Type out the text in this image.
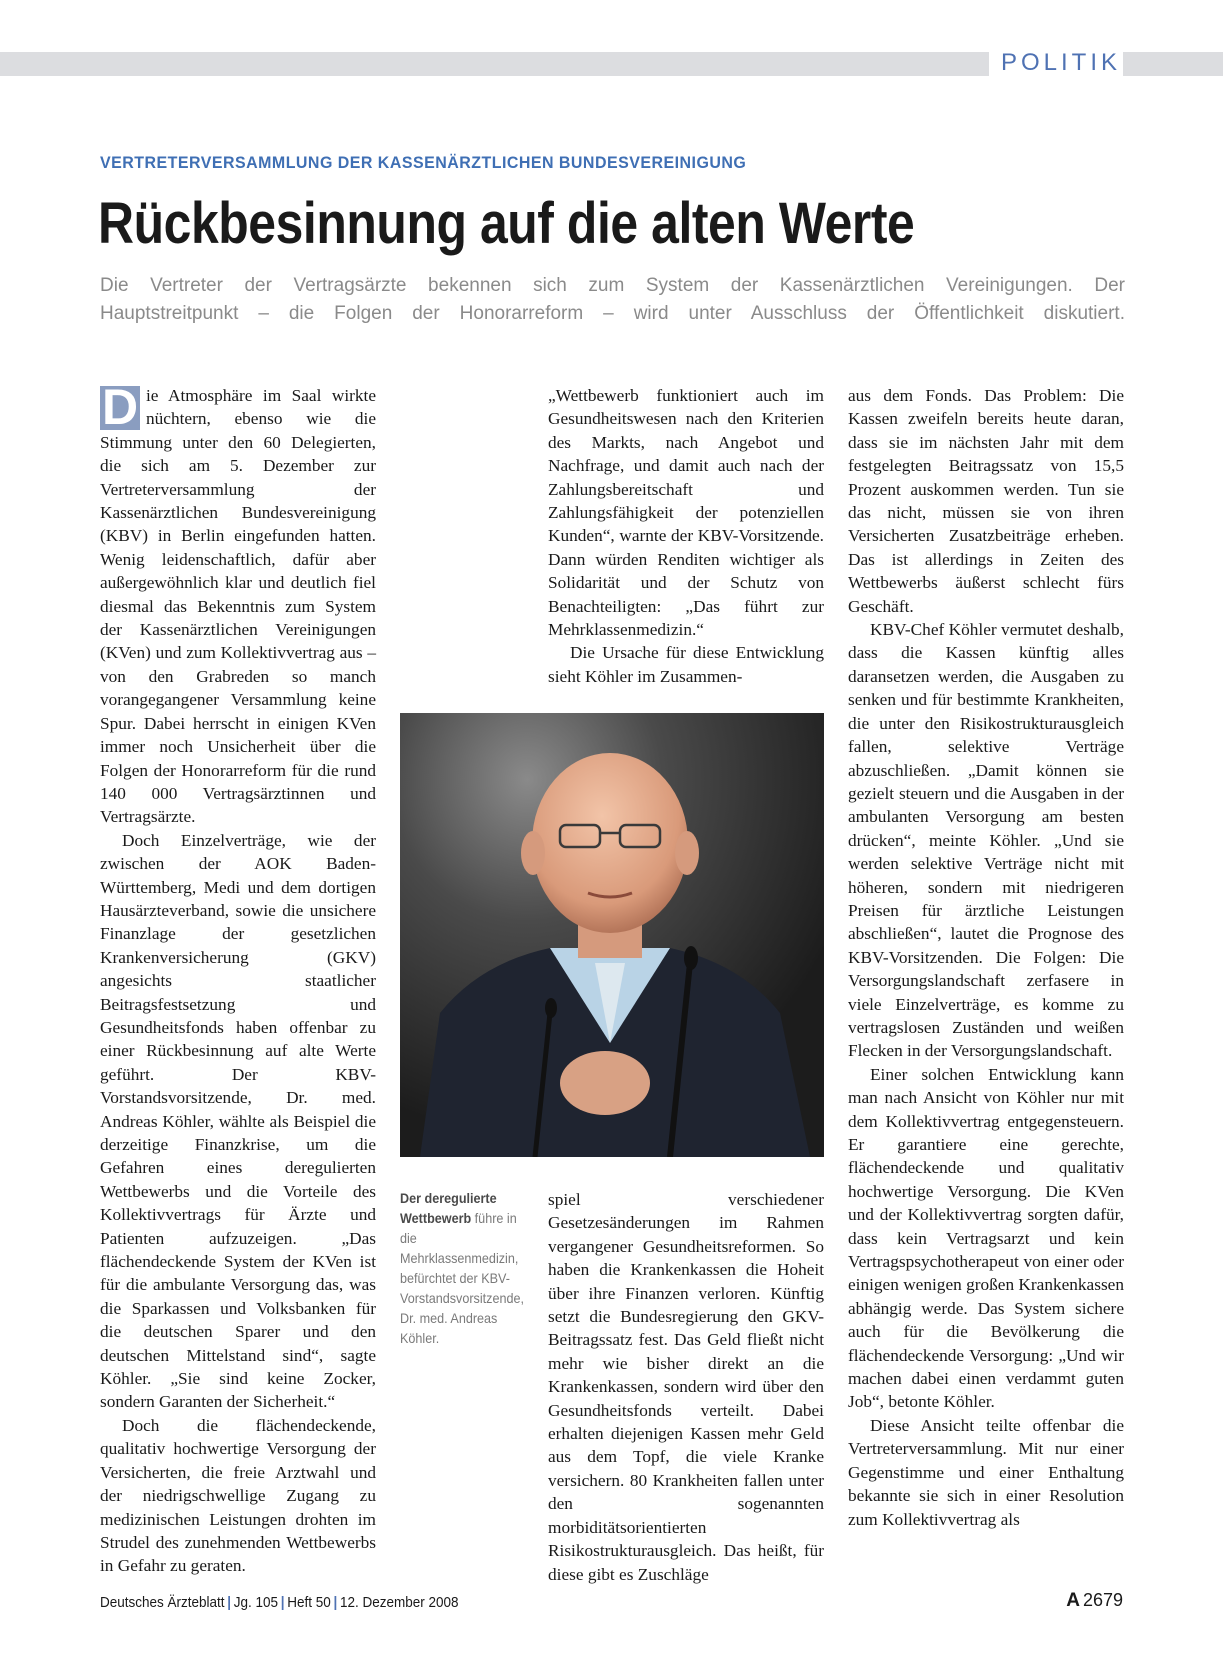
POLITIK
VERTRETERVERSAMMLUNG DER KASSENÄRZTLICHEN BUNDESVEREINIGUNG
Rückbesinnung auf die alten Werte

Die Vertreter der Vertragsärzte bekennen sich zum System der Kassenärztlichen Vereinigungen. Der

Hauptstreitpunkt – die Folgen der Honorarreform – wird unter Ausschluss der Öffentlichkeit diskutiert.

D ie Atmosphäre im Saal wirkte nüchtern, ebenso wie die Stimmung unter den 60 Delegierten, die sich am 5. Dezember zur Vertreterversammlung der Kassenärztlichen Bundesvereinigung (KBV) in Berlin eingefunden hatten. Wenig leidenschaftlich, dafür aber außergewöhnlich klar und deutlich fiel diesmal das Bekenntnis zum System der Kassenärztlichen Vereinigungen (KVen) und zum Kollektivvertrag aus – von den Grabreden so manch vorangegangener Versammlung keine Spur. Dabei herrscht in einigen KVen immer noch Unsicherheit über die Folgen der Honorarreform für die rund 140 000 Vertragsärztinnen und Vertragsärzte.

Doch Einzelverträge, wie der zwischen der AOK Baden-Württemberg, Medi und dem dortigen Hausärzteverband, sowie die unsichere Finanzlage der gesetzlichen Krankenversicherung (GKV) angesichts staatlicher Beitragsfestsetzung und Gesundheitsfonds haben offenbar zu einer Rückbesinnung auf alte Werte geführt. Der KBV-Vorstandsvorsitzende, Dr. med. Andreas Köhler, wählte als Beispiel die derzeitige Finanzkrise, um die Gefahren eines deregulierten Wettbewerbs und die Vorteile des Kollektivvertrags für Ärzte und Patienten aufzuzeigen. „Das flächendeckende System der KVen ist für die ambulante Versorgung das, was die Sparkassen und Volksbanken für die deutschen Sparer und den deutschen Mittelstand sind“, sagte Köhler. „Sie sind keine Zocker, sondern Garanten der Sicherheit.“

Doch die flächendeckende, qualitativ hochwertige Versorgung der Versicherten, die freie Arztwahl und der niedrigschwellige Zugang zu medizinischen Leistungen drohten im Strudel des zunehmenden Wettbewerbs in Gefahr zu geraten.

„Wettbewerb funktioniert auch im Gesundheitswesen nach den Kriterien des Markts, nach Angebot und Nachfrage, und damit auch nach der Zahlungsbereitschaft und Zahlungsfähigkeit der potenziellen Kunden“, warnte der KBV-Vorsitzende. Dann würden Renditen wichtiger als Solidarität und der Schutz von Benachteiligten: „Das führt zur Mehrklassenmedizin.“

Die Ursache für diese Entwicklung sieht Köhler im Zusammen-

Der deregulierte Wettbewerb führe in die Mehrklassenmedizin, befürchtet der KBV-Vorstandsvorsitzende, Dr. med. Andreas Köhler.

spiel verschiedener Gesetzesänderungen im Rahmen vergangener Gesundheitsreformen. So haben die Krankenkassen die Hoheit über ihre Finanzen verloren. Künftig setzt die Bundesregierung den GKV-Beitragssatz fest. Das Geld fließt nicht mehr wie bisher direkt an die Krankenkassen, sondern wird über den Gesundheitsfonds verteilt. Dabei erhalten diejenigen Kassen mehr Geld aus dem Topf, die viele Kranke versichern. 80 Krankheiten fallen unter den sogenannten morbiditätsorientierten Risikostrukturausgleich. Das heißt, für diese gibt es Zuschläge

aus dem Fonds. Das Problem: Die Kassen zweifeln bereits heute daran, dass sie im nächsten Jahr mit dem festgelegten Beitragssatz von 15,5 Prozent auskommen werden. Tun sie das nicht, müssen sie von ihren Versicherten Zusatzbeiträge erheben. Das ist allerdings in Zeiten des Wettbewerbs äußerst schlecht fürs Geschäft.

KBV-Chef Köhler vermutet deshalb, dass die Kassen künftig alles daransetzen werden, die Ausgaben zu senken und für bestimmte Krankheiten, die unter den Risikostrukturausgleich fallen, selektive Verträge abzuschließen. „Damit können sie gezielt steuern und die Ausgaben in der ambulanten Versorgung am besten drücken“, meinte Köhler. „Und sie werden selektive Verträge nicht mit höheren, sondern mit niedrigeren Preisen für ärztliche Leistungen abschließen“, lautet die Prognose des KBV-Vorsitzenden. Die Folgen: Die Versorgungslandschaft zerfasere in viele Einzelverträge, es komme zu vertragslosen Zuständen und weißen Flecken in der Versorgungslandschaft.

Einer solchen Entwicklung kann man nach Ansicht von Köhler nur mit dem Kollektivvertrag entgegensteuern. Er garantiere eine gerechte, flächendeckende und qualitativ hochwertige Versorgung. Die KVen und der Kollektivvertrag sorgten dafür, dass kein Vertragsarzt und kein Vertragspsychotherapeut von einer oder einigen wenigen großen Krankenkassen abhängig werde. Das System sichere auch für die Bevölkerung die flächendeckende Versorgung: „Und wir machen dabei einen verdammt guten Job“, betonte Köhler.

Diese Ansicht teilte offenbar die Vertreterversammlung. Mit nur einer Gegenstimme und einer Enthaltung bekannte sie sich in einer Resolution zum Kollektivvertrag als

Deutsches Ärzteblatt | Jg. 105 | Heft 50 | 12. Dezember 2008	A 2679
